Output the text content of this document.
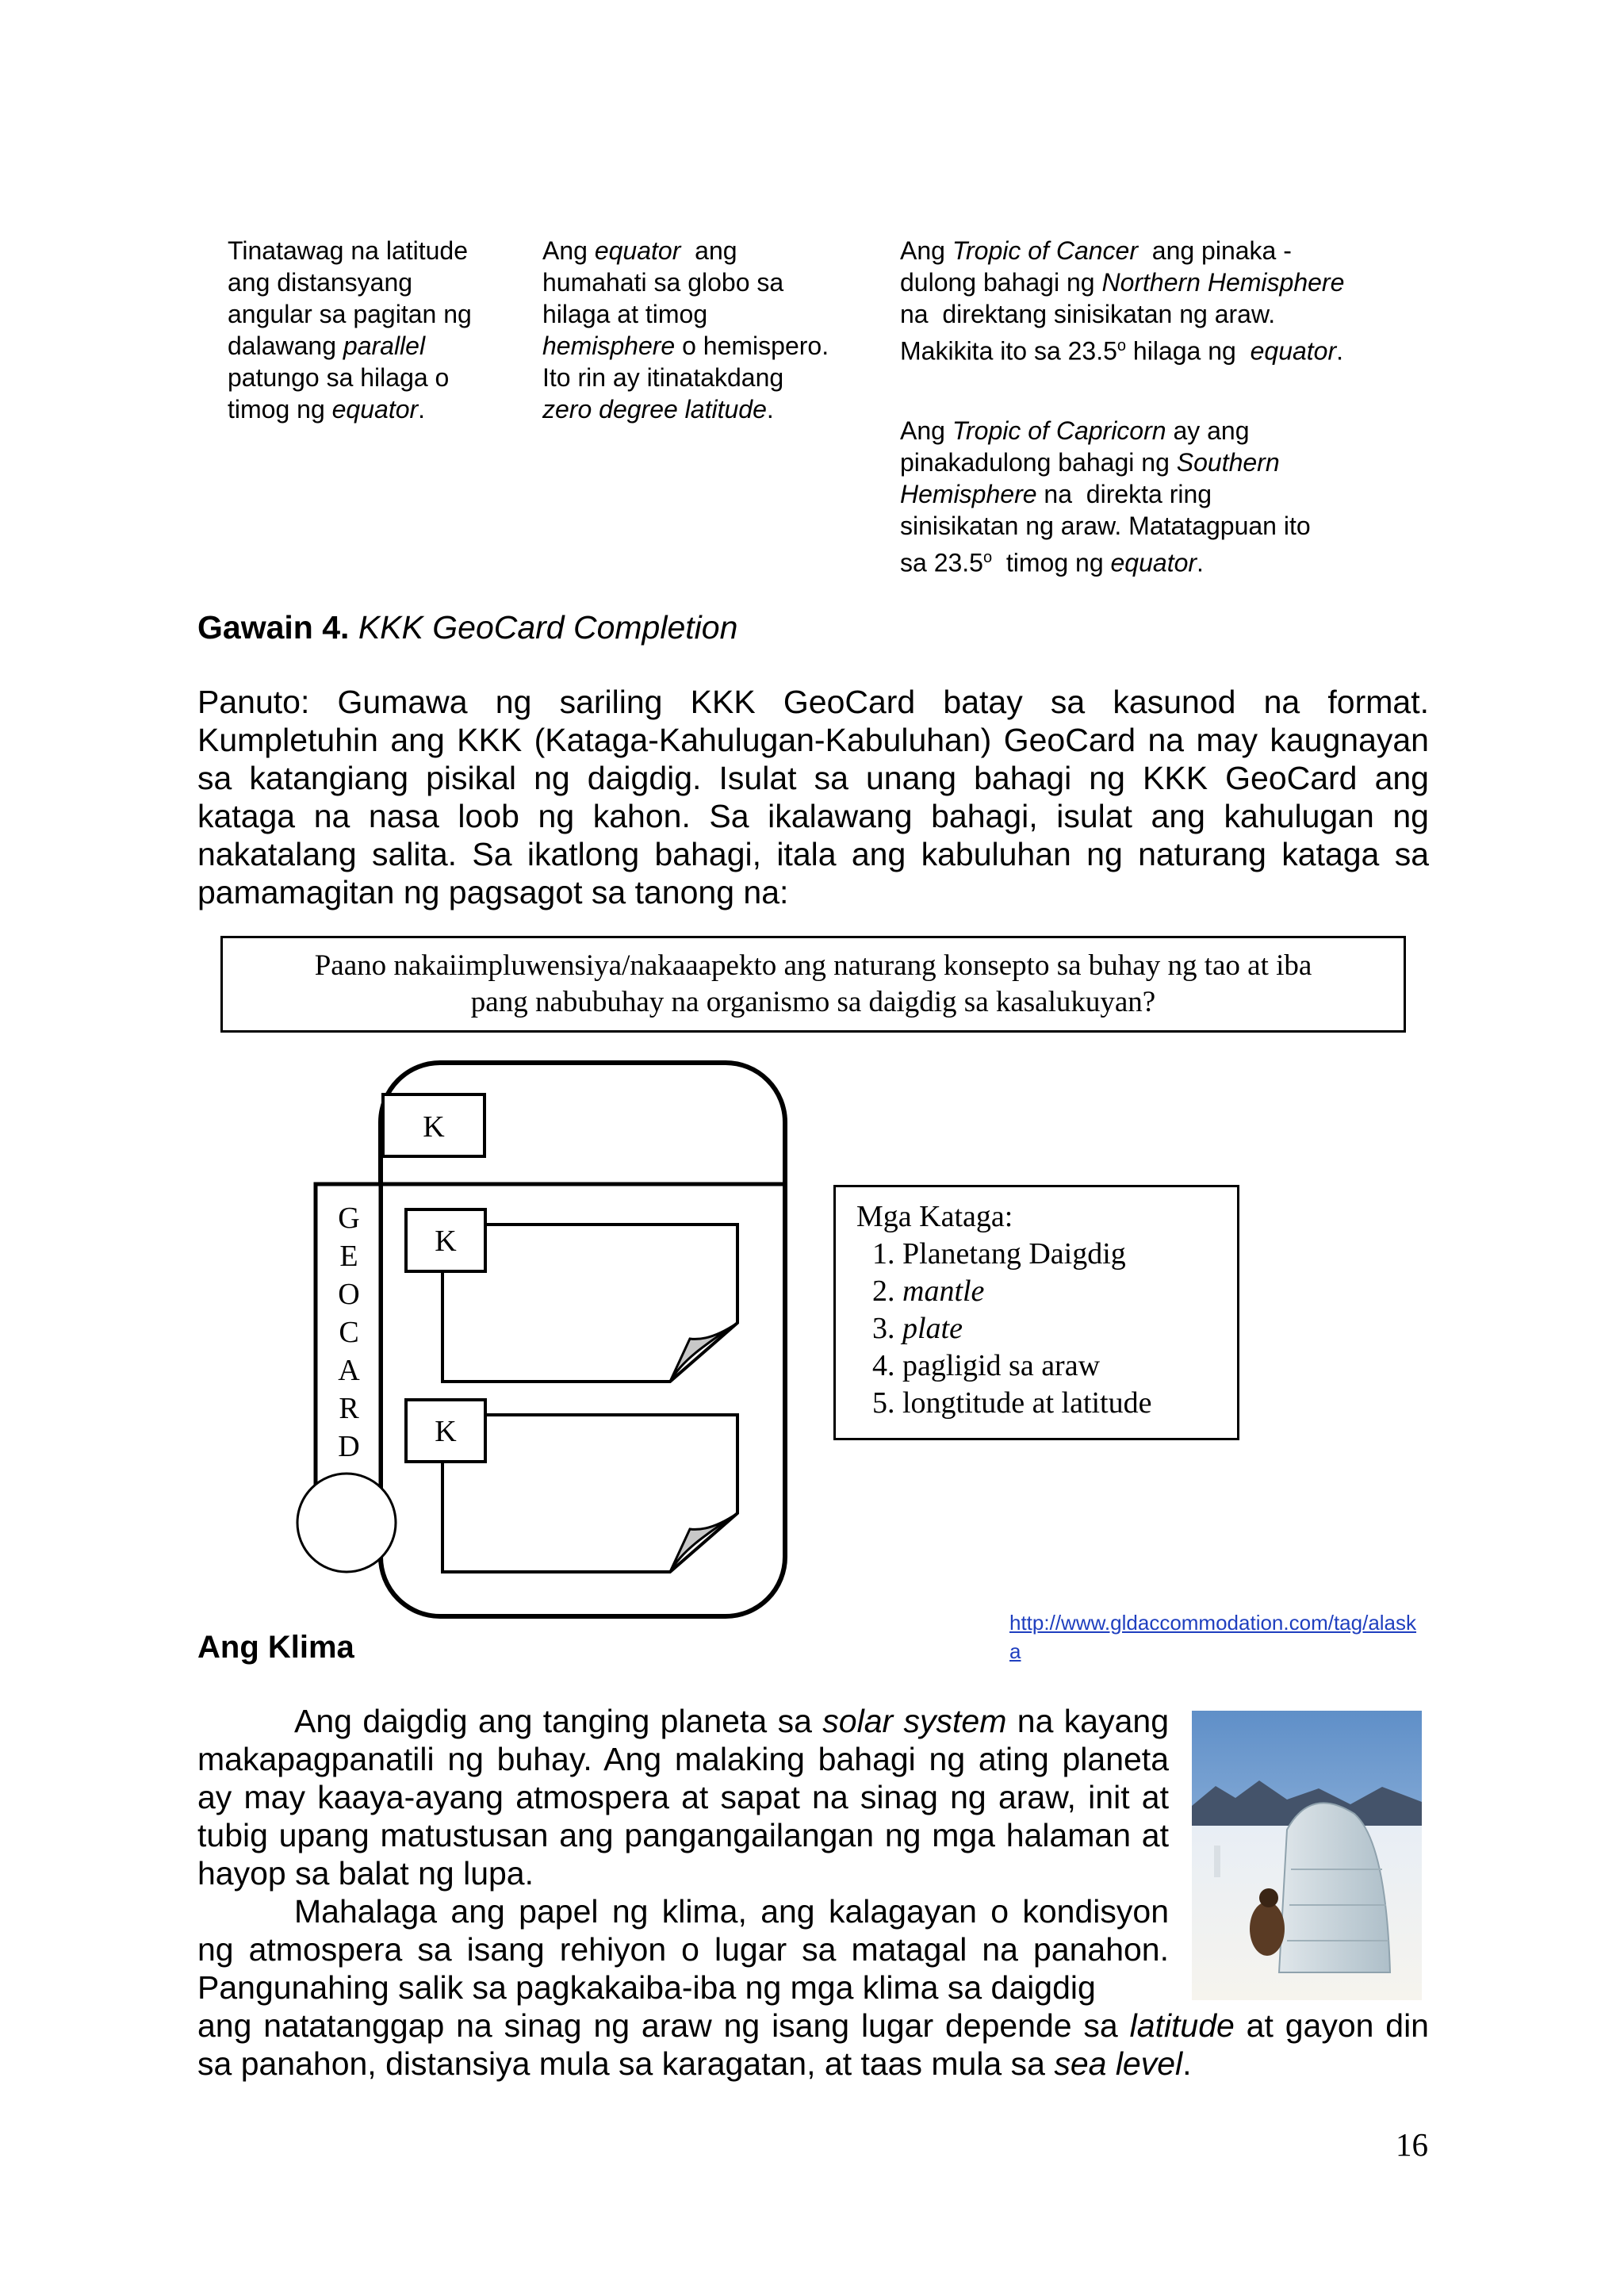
Tinatawag na latitude

ang distansyang

angular sa pagitan ng

dalawang parallel

patungo sa hilaga o

timog ng equator.

Ang equator  ang

humahati sa globo sa

hilaga at timog

hemisphere o hemispero.

Ito rin ay itinatakdang

zero degree latitude.

Ang Tropic of Cancer  ang pinaka -

dulong bahagi ng Northern Hemisphere

na  direktang sinisikatan ng araw.

Makikita ito sa 23.5$^o$ hilaga ng  equator.

Ang Tropic of Capricorn ay ang

pinakadulong bahagi ng Southern

Hemisphere na  direkta ring

sinisikatan ng araw. Matatagpuan ito

sa 23.5$^o$  timog ng equator.

Gawain 4. KKK GeoCard Completion

Panuto: Gumawa ng sariling KKK GeoCard batay sa kasunod na format. Kumpletuhin ang KKK (Kataga-Kahulugan-Kabuluhan) GeoCard na may kaugnayan sa katangiang pisikal ng daigdig. Isulat sa unang bahagi ng KKK GeoCard ang kataga na nasa loob ng kahon. Sa ikalawang bahagi, isulat ang kahulugan ng nakatalang salita. Sa ikatlong bahagi, itala ang kabuluhan ng naturang kataga sa pamamagitan ng pagsagot sa tanong na:

Paano nakaiimpluwensiya/nakaaapekto ang naturang konsepto sa buhay ng tao at iba
pang nabubuhay na organismo sa daigdig sa kasalukuyan?
K
K
K
G
E
O
C
A
R
D
Mga Kataga:
1. Planetang Daigdig
2. mantle
3. plate
4. pagligid sa araw
5. longtitude at latitude
Ang Klima
http://www.gldaccommodation.com/tag/alaska

Ang daigdig ang tanging planeta sa solar system na kayang makapagpanatili ng buhay. Ang malaking bahagi ng ating planeta ay may kaaya-ayang atmospera at sapat na sinag ng araw, init at tubig upang matustusan ang pangangailangan ng mga halaman at hayop sa balat ng lupa.

Mahalaga ang papel ng klima, ang kalagayan o kondisyon ng atmospera sa isang rehiyon o lugar sa matagal na panahon. Pangunahing salik sa pagkakaiba-iba ng mga klima sa daigdig

ang natatanggap na sinag ng araw ng isang lugar depende sa latitude at gayon din sa panahon, distansiya mula sa karagatan, at taas mula sa sea level.

16
